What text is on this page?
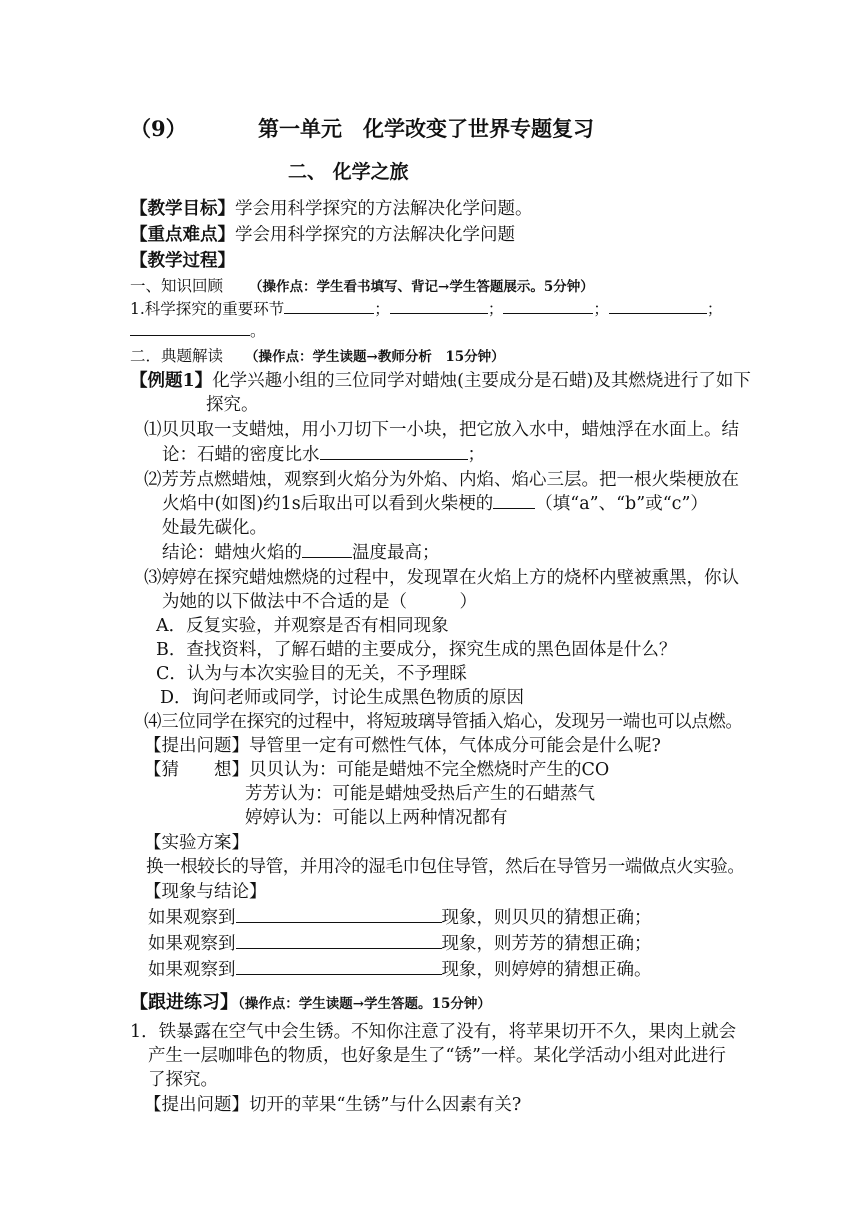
（9）	第一单元　化学改变了世界专题复习
二、 化学之旅
【教学目标】学会用科学探究的方法解决化学问题。
【重点难点】学会用科学探究的方法解决化学问题
【教学过程】
一、知识回顾 （操作点：学生看书填写、背记→学生答题展示。5分钟）
1.科学探究的重要环节	；	；	；	；
。
二．典题解读 （操作点：学生读题→教师分析　15分钟）
【例题1】化学兴趣小组的三位同学对蜡烛(主要成分是石蜡)及其燃烧进行了如下
探究。
⑴贝贝取一支蜡烛，用小刀切下一小块，把它放入水中，蜡烛浮在水面上。结
论：石蜡的密度比水	；
⑵芳芳点燃蜡烛，观察到火焰分为外焰、内焰、焰心三层。把一根火柴梗放在
火焰中(如图)约1s后取出可以看到火柴梗的 （填“a”、“b”或“c”）
处最先碳化。
结论：蜡烛火焰的	温度最高；
⑶婷婷在探究蜡烛燃烧的过程中，发现罩在火焰上方的烧杯内壁被熏黑，你认
为她的以下做法中不合适的是（　　　）
A．反复实验，并观察是否有相同现象
B．查找资料，了解石蜡的主要成分，探究生成的黑色固体是什么？
C．认为与本次实验目的无关，不予理睬
D．询问老师或同学，讨论生成黑色物质的原因
⑷三位同学在探究的过程中，将短玻璃导管插入焰心，发现另一端也可以点燃。
【提出问题】导管里一定有可燃性气体，气体成分可能会是什么呢?
【猜　　想】贝贝认为：可能是蜡烛不完全燃烧时产生的CO
芳芳认为：可能是蜡烛受热后产生的石蜡蒸气
婷婷认为：可能以上两种情况都有
【实验方案】
换一根较长的导管，并用冷的湿毛巾包住导管，然后在导管另一端做点火实验。
【现象与结论】
如果观察到	现象，则贝贝的猜想正确；
如果观察到	现象，则芳芳的猜想正确；
如果观察到	现象，则婷婷的猜想正确。
【跟进练习】（操作点：学生读题→学生答题。15分钟）
1．铁暴露在空气中会生锈。不知你注意了没有，将苹果切开不久，果肉上就会
产生一层咖啡色的物质，也好象是生了“锈”一样。某化学活动小组对此进行
了探究。
【提出问题】切开的苹果“生锈”与什么因素有关?
